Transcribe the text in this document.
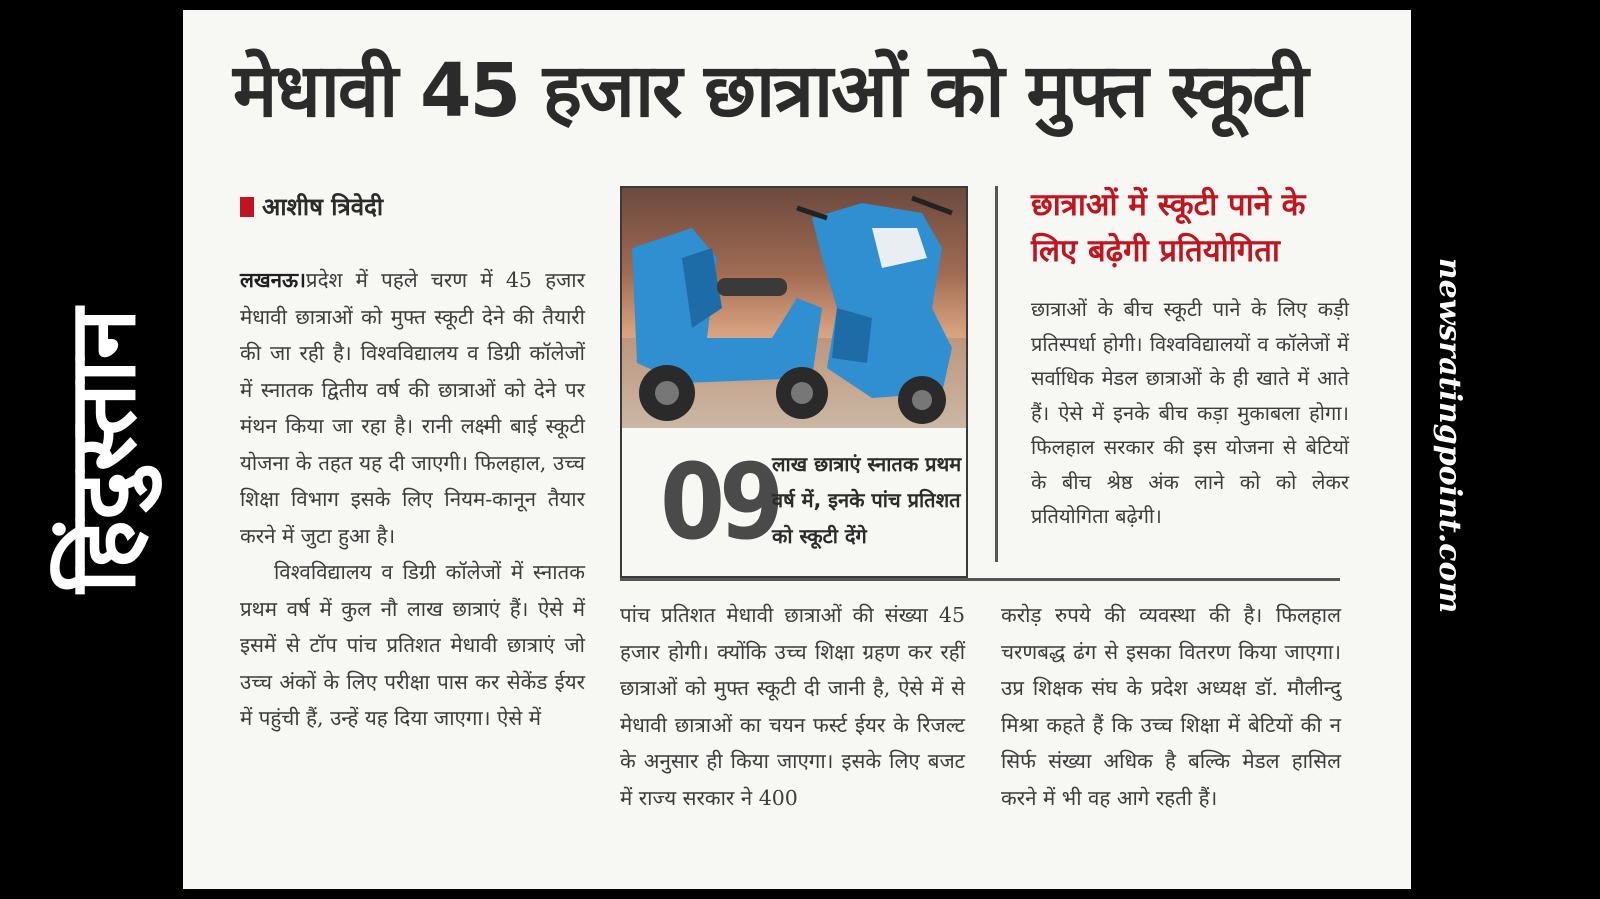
हिंदुस्तान	newsratingpoint.com
मेधावी 45 हजार छात्राओं को मुफ्त स्कूटी
आशीष त्रिवेदी

लखनऊ।प्रदेश में पहले चरण में 45 हजार मेधावी छात्राओं को मुफ्त स्कूटी देने की तैयारी की जा रही है। विश्वविद्यालय व डिग्री कॉलेजों में स्नातक द्वितीय वर्ष की छात्राओं को देने पर मंथन किया जा रहा है। रानी लक्ष्मी बाई स्कूटी योजना के तहत यह दी जाएगी। फिलहाल, उच्च शिक्षा विभाग इसके लिए नियम-कानून तैयार करने में जुटा हुआ है।

विश्वविद्यालय व डिग्री कॉलेजों में स्नातक प्रथम वर्ष में कुल नौ लाख छात्राएं हैं। ऐसे में इसमें से टॉप पांच प्रतिशत मेधावी छात्राएं जो उच्च अंकों के लिए परीक्षा पास कर सेकेंड ईयर में पहुंची हैं, उन्हें यह दिया जाएगा। ऐसे में

09
लाख छात्राएं स्नातक प्रथम वर्ष में, इनके पांच प्रतिशत को स्कूटी देंगे
छात्राओं में स्कूटी पाने के लिए बढ़ेगी प्रतियोगिता
छात्राओं के बीच स्कूटी पाने के लिए कड़ी प्रतिस्पर्धा होगी। विश्वविद्यालयों व कॉलेजों में सर्वाधिक मेडल छात्राओं के ही खाते में आते हैं। ऐसे में इनके बीच कड़ा मुकाबला होगा। फिलहाल सरकार की इस योजना से बेटियों के बीच श्रेष्ठ अंक लाने को को लेकर प्रतियोगिता बढ़ेगी।

पांच प्रतिशत मेधावी छात्राओं की संख्या 45 हजार होगी। क्योंकि उच्च शिक्षा ग्रहण कर रहीं छात्राओं को मुफ्त स्कूटी दी जानी है, ऐसे में से मेधावी छात्राओं का चयन फर्स्ट ईयर के रिजल्ट के अनुसार ही किया जाएगा। इसके लिए बजट में राज्य सरकार ने 400

करोड़ रुपये की व्यवस्था की है। फिलहाल चरणबद्ध ढंग से इसका वितरण किया जाएगा। उप्र शिक्षक संघ के प्रदेश अध्यक्ष डॉ. मौलीन्दु मिश्रा कहते हैं कि उच्च शिक्षा में बेटियों की न सिर्फ संख्या अधिक है बल्कि मेडल हासिल करने में भी वह आगे रहती हैं।
